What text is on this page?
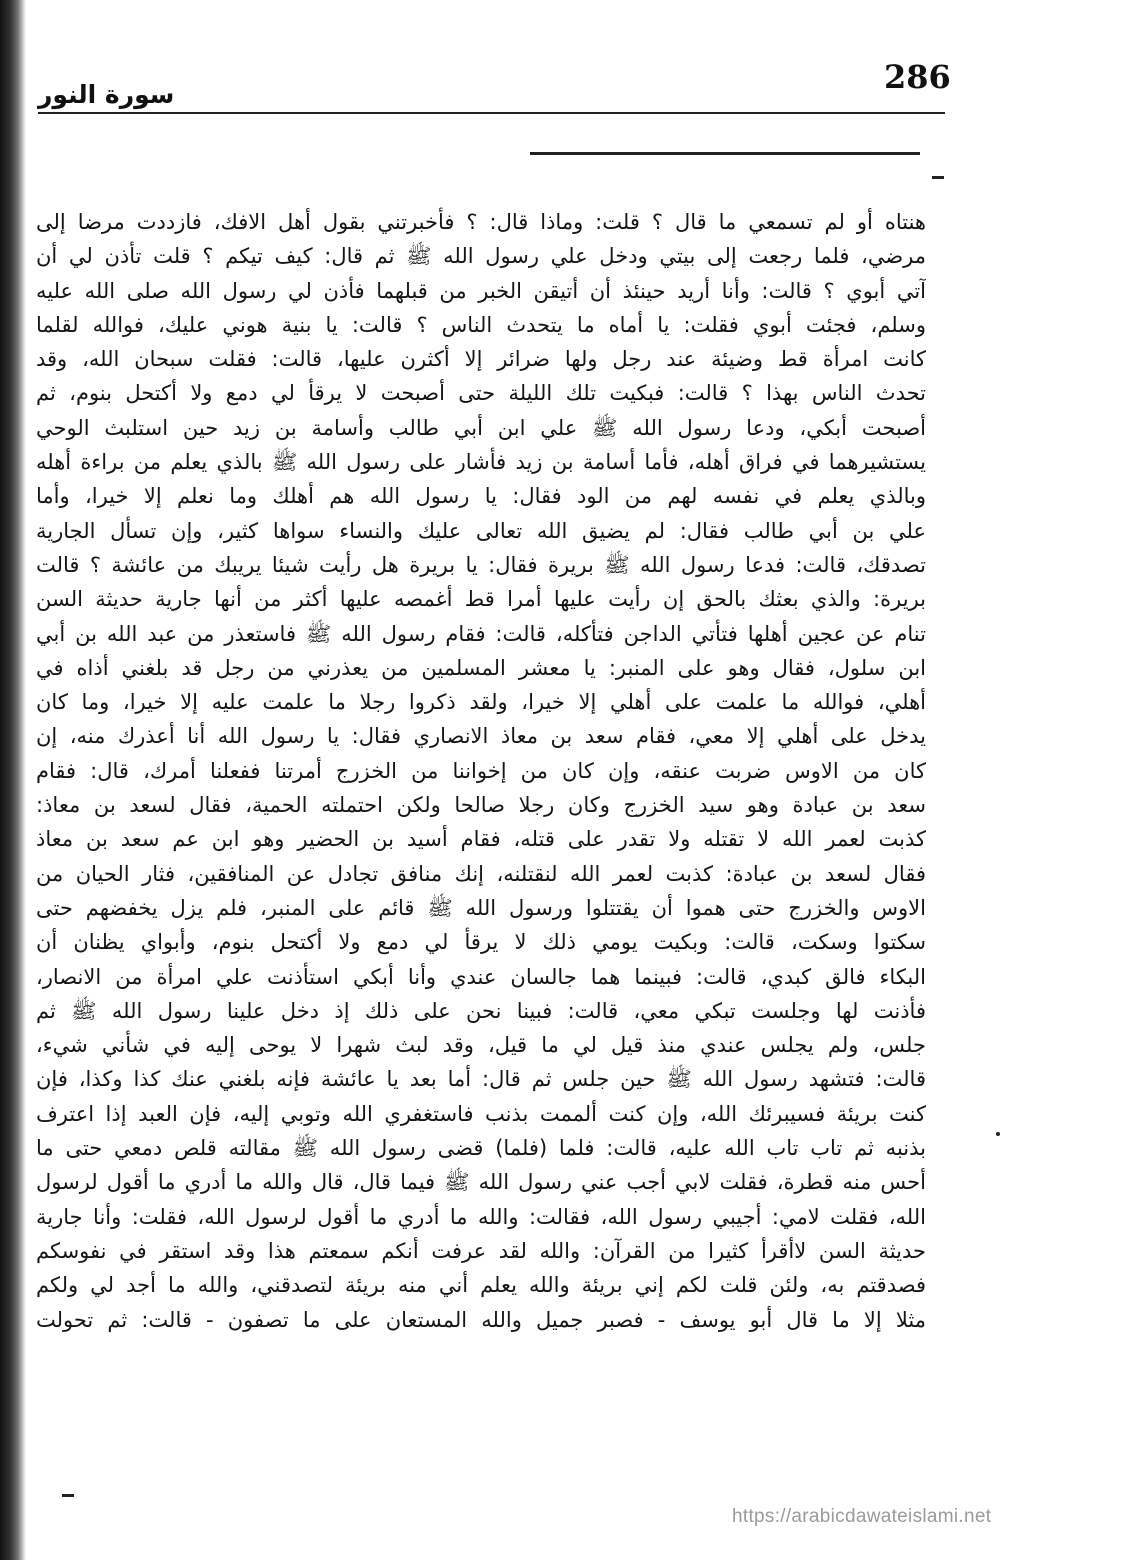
286
سورة النور
هنتاه أو لم تسمعي ما قال ؟ قلت: وماذا قال: ؟ فأخبرتني بقول أهل الافك، فازددت مرضا إلى
مرضي، فلما رجعت إلى بيتي ودخل علي رسول الله ﷺ ثم قال: كيف تيكم ؟ قلت تأذن لي أن
آتي أبوي ؟ قالت: وأنا أريد حينئذ أن أتيقن الخبر من قبلهما فأذن لي رسول الله صلى الله عليه
وسلم، فجئت أبوي فقلت: يا أماه ما يتحدث الناس ؟ قالت: يا بنية هوني عليك، فوالله لقلما
كانت امرأة قط وضيئة عند رجل ولها ضرائر إلا أكثرن عليها، قالت: فقلت سبحان الله، وقد
تحدث الناس بهذا ؟ قالت: فبكيت تلك الليلة حتى أصبحت لا يرقأ لي دمع ولا أكتحل بنوم، ثم
أصبحت أبكي، ودعا رسول الله ﷺ علي ابن أبي طالب وأسامة بن زيد حين استلبث الوحي
يستشيرهما في فراق أهله، فأما أسامة بن زيد فأشار على رسول الله ﷺ بالذي يعلم من براءة أهله
وبالذي يعلم في نفسه لهم من الود فقال: يا رسول الله هم أهلك وما نعلم إلا خيرا، وأما
علي بن أبي طالب فقال: لم يضيق الله تعالى عليك والنساء سواها كثير، وإن تسأل الجارية
تصدقك، قالت: فدعا رسول الله ﷺ بريرة فقال: يا بريرة هل رأيت شيئا يريبك من عائشة ؟ قالت
بريرة: والذي بعثك بالحق إن رأيت عليها أمرا قط أغمصه عليها أكثر من أنها جارية حديثة السن
تنام عن عجين أهلها فتأتي الداجن فتأكله، قالت: فقام رسول الله ﷺ فاستعذر من عبد الله بن أبي
ابن سلول، فقال وهو على المنبر: يا معشر المسلمين من يعذرني من رجل قد بلغني أذاه في
أهلي، فوالله ما علمت على أهلي إلا خيرا، ولقد ذكروا رجلا ما علمت عليه إلا خيرا، وما كان
يدخل على أهلي إلا معي، فقام سعد بن معاذ الانصاري فقال: يا رسول الله أنا أعذرك منه، إن
كان من الاوس ضربت عنقه، وإن كان من إخواننا من الخزرج أمرتنا ففعلنا أمرك، قال: فقام
سعد بن عبادة وهو سيد الخزرج وكان رجلا صالحا ولكن احتملته الحمية، فقال لسعد بن معاذ:
كذبت لعمر الله لا تقتله ولا تقدر على قتله، فقام أسيد بن الحضير وهو ابن عم سعد بن معاذ
فقال لسعد بن عبادة: كذبت لعمر الله لنقتلنه، إنك منافق تجادل عن المنافقين، فثار الحيان من
الاوس والخزرج حتى هموا أن يقتتلوا ورسول الله ﷺ قائم على المنبر، فلم يزل يخفضهم حتى
سكتوا وسكت، قالت: وبكيت يومي ذلك لا يرقأ لي دمع ولا أكتحل بنوم، وأبواي يظنان أن
البكاء فالق كبدي، قالت: فبينما هما جالسان عندي وأنا أبكي استأذنت علي امرأة من الانصار،
فأذنت لها وجلست تبكي معي، قالت: فبينا نحن على ذلك إذ دخل علينا رسول الله ﷺ ثم
جلس، ولم يجلس عندي منذ قيل لي ما قيل، وقد لبث شهرا لا يوحى إليه في شأني شيء،
قالت: فتشهد رسول الله ﷺ حين جلس ثم قال: أما بعد يا عائشة فإنه بلغني عنك كذا وكذا، فإن
كنت بريئة فسيبرئك الله، وإن كنت ألممت بذنب فاستغفري الله وتوبي إليه، فإن العبد إذا اعترف
بذنبه ثم تاب تاب الله عليه، قالت: فلما (فلما) قضى رسول الله ﷺ مقالته قلص دمعي حتى ما
أحس منه قطرة، فقلت لابي أجب عني رسول الله ﷺ فيما قال، قال والله ما أدري ما أقول لرسول
الله، فقلت لامي: أجيبي رسول الله، فقالت: والله ما أدري ما أقول لرسول الله، فقلت: وأنا جارية
حديثة السن لاأقرأ كثيرا من القرآن: والله لقد عرفت أنكم سمعتم هذا وقد استقر في نفوسكم
فصدقتم به، ولئن قلت لكم إني بريئة والله يعلم أني منه بريئة لتصدقني، والله ما أجد لي ولكم
مثلا إلا ما قال أبو يوسف - فصبر جميل والله المستعان على ما تصفون - قالت: ثم تحولت
https://arabicdawateislami.net
